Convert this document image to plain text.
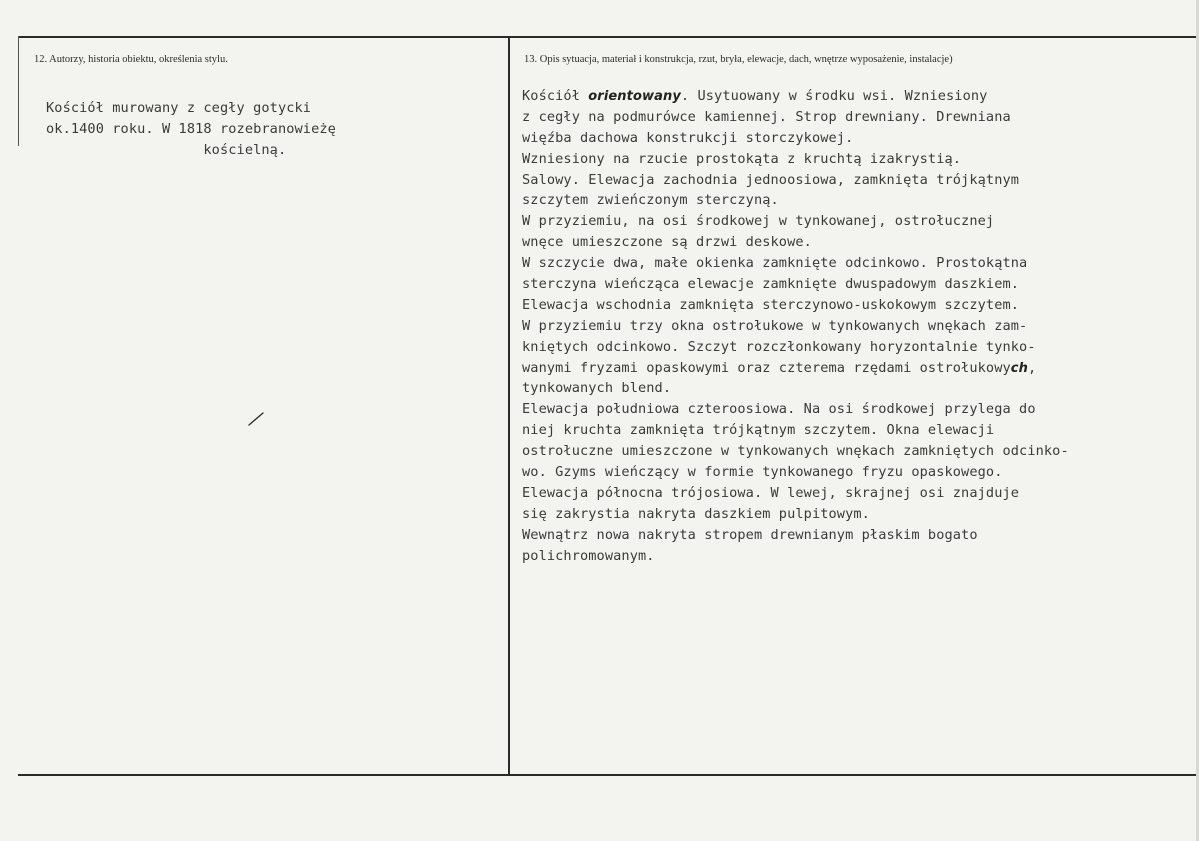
12. Autorzy, historia obiektu, określenia stylu.	13. Opis sytuacja, materiał i konstrukcja, rzut, bryła, elewacje, dach, wnętrze wyposażenie, instalacje)
Kościół murowany z cegły gotycki
ok.1400 roku. W 1818 rozebranowieżę
kościelną.
Kościół orientowany. Usytuowany w środku wsi. Wzniesiony
z cegły na podmurówce kamiennej. Strop drewniany. Drewniana
więźba dachowa konstrukcji storczykowej.
Wzniesiony na rzucie prostokąta z kruchtą izakrystią.
Salowy. Elewacja zachodnia jednoosiowa, zamknięta trójkątnym
szczytem zwieńczonym sterczyną.
W przyziemiu, na osi środkowej w tynkowanej, ostrołucznej
wnęce umieszczone są drzwi deskowe.
W szczycie dwa, małe okienka zamknięte odcinkowo. Prostokątna
sterczyna wieńcząca elewacje zamknięte dwuspadowym daszkiem.
Elewacja wschodnia zamknięta sterczynowo-uskokowym szczytem.
W przyziemiu trzy okna ostrołukowe w tynkowanych wnękach zam-
kniętych odcinkowo. Szczyt rozczłonkowany horyzontalnie tynko-
wanymi fryzami opaskowymi oraz czterema rzędami ostrołukowych,
tynkowanych blend.
Elewacja południowa czteroosiowa. Na osi środkowej przylega do
niej kruchta zamknięta trójkątnym szczytem. Okna elewacji
ostrołuczne umieszczone w tynkowanych wnękach zamkniętych odcinko-
wo. Gzyms wieńczący w formie tynkowanego fryzu opaskowego.
Elewacja północna trójosiowa. W lewej, skrajnej osi znajduje
się zakrystia nakryta daszkiem pulpitowym.
Wewnątrz nowa nakryta stropem drewnianym płaskim bogato
polichromowanym.
